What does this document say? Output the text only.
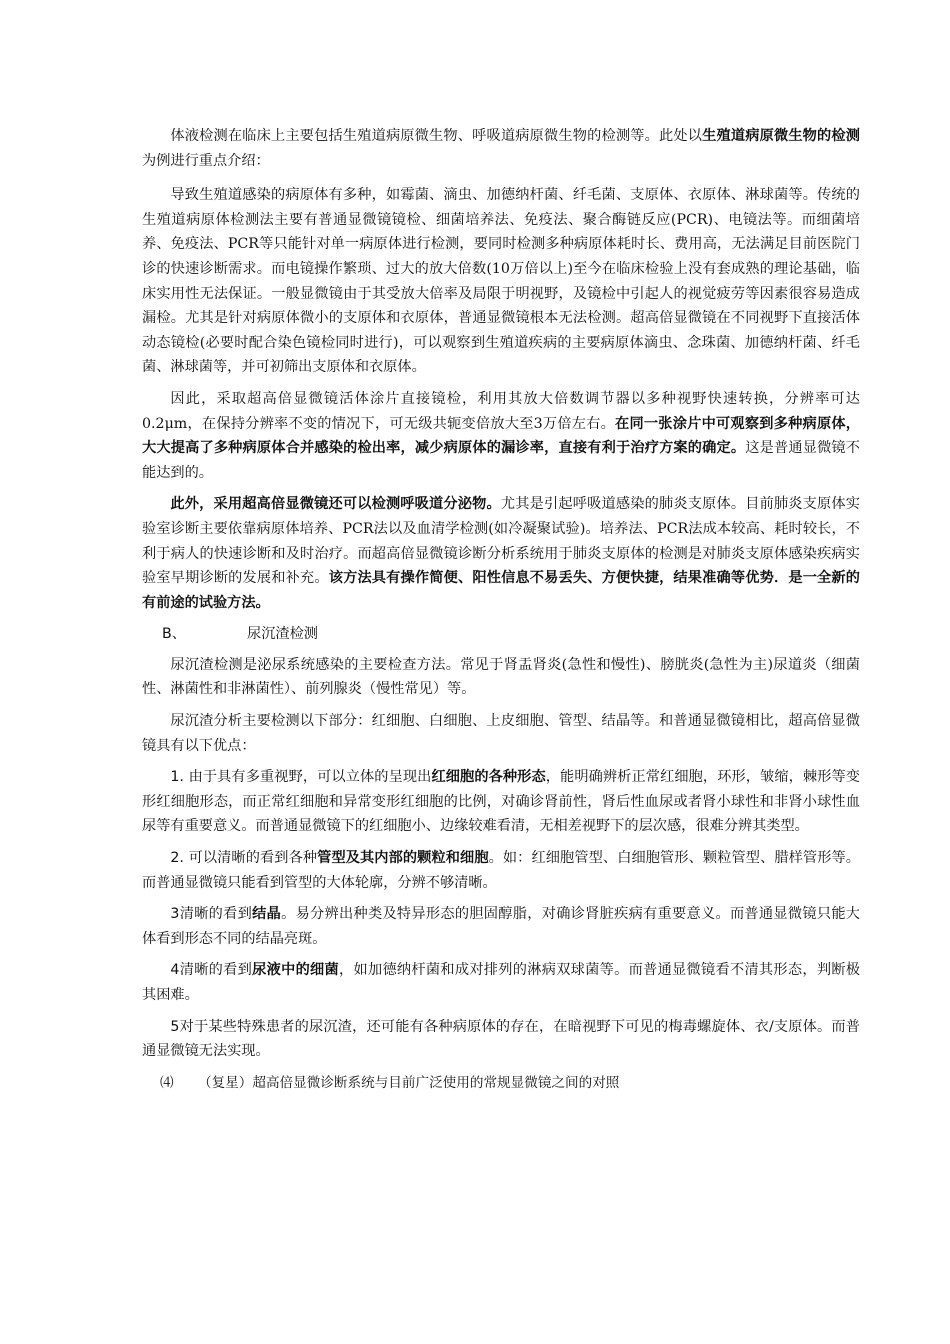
体液检测在临床上主要包括生殖道病原微生物、呼吸道病原微生物的检测等。此处以生殖道病原微生物的检测为例进行重点介绍：

导致生殖道感染的病原体有多种，如霉菌、滴虫、加德纳杆菌、纤毛菌、支原体、衣原体、淋球菌等。传统的生殖道病原体检测法主要有普通显微镜镜检、细菌培养法、免疫法、聚合酶链反应(PCR)、电镜法等。而细菌培养、免疫法、PCR等只能针对单一病原体进行检测，要同时检测多种病原体耗时长、费用高，无法满足目前医院门诊的快速诊断需求。而电镜操作繁琐、过大的放大倍数(10万倍以上)至今在临床检验上没有套成熟的理论基础，临床实用性无法保证。一般显微镜由于其受放大倍率及局限于明视野，及镜检中引起人的视觉疲劳等因素很容易造成漏检。尤其是针对病原体微小的支原体和衣原体，普通显微镜根本无法检测。超高倍显微镜在不同视野下直接活体动态镜检(必要时配合染色镜检同时进行)，可以观察到生殖道疾病的主要病原体滴虫、念珠菌、加德纳杆菌、纤毛菌、淋球菌等，并可初筛出支原体和衣原体。

因此，采取超高倍显微镜活体涂片直接镜检，利用其放大倍数调节器以多种视野快速转换，分辨率可达0.2μm，在保持分辨率不变的情况下，可无级共轭变倍放大至3万倍左右。在同一张涂片中可观察到多种病原体，大大提高了多种病原体合并感染的检出率，减少病原体的漏诊率，直接有利于治疗方案的确定。这是普通显微镜不能达到的。

此外，采用超高倍显微镜还可以检测呼吸道分泌物。尤其是引起呼吸道感染的肺炎支原体。目前肺炎支原体实验室诊断主要依靠病原体培养、PCR法以及血清学检测(如冷凝聚试验)。培养法、PCR法成本较高、耗时较长，不利于病人的快速诊断和及时治疗。而超高倍显微镜诊断分析系统用于肺炎支原体的检测是对肺炎支原体感染疾病实验室早期诊断的发展和补充。该方法具有操作简便、阳性信息不易丢失、方便快捷，结果准确等优势．是一全新的有前途的试验方法。

B、	尿沉渣检测

尿沉渣检测是泌尿系统感染的主要检查方法。常见于肾盂肾炎(急性和慢性)、膀胱炎(急性为主)尿道炎（细菌性、淋菌性和非淋菌性）、前列腺炎（慢性常见）等。

尿沉渣分析主要检测以下部分：红细胞、白细胞、上皮细胞、管型、结晶等。和普通显微镜相比，超高倍显微镜具有以下优点：

1. 由于具有多重视野，可以立体的呈现出红细胞的各种形态，能明确辨析正常红细胞，环形，皱缩，棘形等变形红细胞形态，而正常红细胞和异常变形红细胞的比例，对确诊肾前性，肾后性血尿或者肾小球性和非肾小球性血尿等有重要意义。而普通显微镜下的红细胞小、边缘较难看清，无相差视野下的层次感，很难分辨其类型。

2. 可以清晰的看到各种管型及其内部的颗粒和细胞。如：红细胞管型、白细胞管形、颗粒管型、腊样管形等。而普通显微镜只能看到管型的大体轮廓，分辨不够清晰。

3清晰的看到结晶。易分辨出种类及特异形态的胆固醇脂，对确诊肾脏疾病有重要意义。而普通显微镜只能大体看到形态不同的结晶亮斑。

4清晰的看到尿液中的细菌，如加德纳杆菌和成对排列的淋病双球菌等。而普通显微镜看不清其形态，判断极其困难。

5对于某些特殊患者的尿沉渣，还可能有各种病原体的存在，在暗视野下可见的梅毒螺旋体、衣/支原体。而普通显微镜无法实现。

⑷	（复星）超高倍显微诊断系统与目前广泛使用的常规显微镜之间的对照
